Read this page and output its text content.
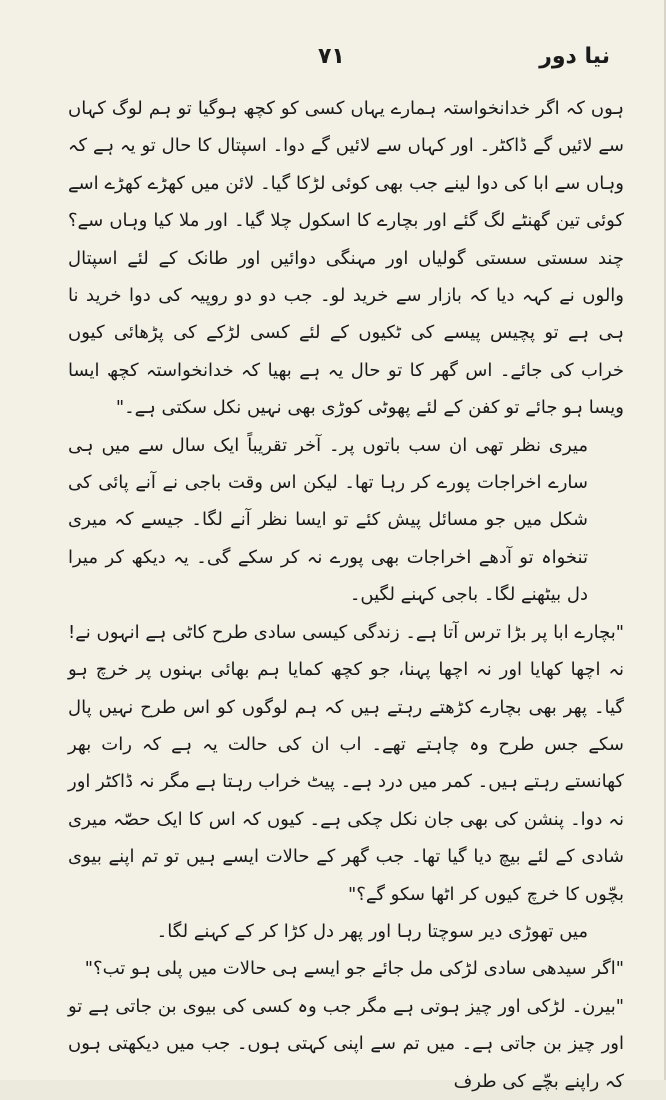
نیا دور
۷۱

ہوں کہ اگر خدانخواستہ ہمارے یہاں کسی کو کچھ ہوگیا تو ہم لوگ کہاں سے لائیں گے ڈاکٹر۔ اور کہاں سے لائیں گے دوا۔ اسپتال کا حال تو یہ ہے کہ وہاں سے ابا کی دوا لینے جب بھی کوئی لڑکا گیا۔ لائن میں کھڑے کھڑے اسے کوئی تین گھنٹے لگ گئے اور بچارے کا اسکول چلا گیا۔ اور ملا کیا وہاں سے؟ چند سستی سستی گولیاں اور مہنگی دوائیں اور طانک کے لئے اسپتال والوں نے کہہ دیا کہ بازار سے خرید لو۔ جب دو دو روپیہ کی دوا خرید نا ہی ہے تو پچیس پیسے کی ٹکیوں کے لئے کسی لڑکے کی پڑھائی کیوں خراب کی جائے۔ اس گھر کا تو حال یہ ہے بھیا کہ خدانخواستہ کچھ ایسا ویسا ہو جائے تو کفن کے لئے پھوٹی کوڑی بھی نہیں نکل سکتی ہے۔"

میری نظر تھی ان سب باتوں پر۔ آخر تقریباً ایک سال سے میں ہی سارے اخراجات پورے کر رہا تھا۔ لیکن اس وقت باجی نے آنے پائی کی شکل میں جو مسائل پیش کئے تو ایسا نظر آنے لگا۔ جیسے کہ میری تنخواہ تو آدھے اخراجات بھی پورے نہ کر سکے گی۔ یہ دیکھ کر میرا دل بیٹھنے لگا۔ باجی کہنے لگیں۔

"بچارے ابا پر بڑا ترس آتا ہے۔ زندگی کیسی سادی طرح کاٹی ہے انہوں نے! نہ اچھا کھایا اور نہ اچھا پہنا، جو کچھ کمایا ہم بھائی بہنوں پر خرچ ہو گیا۔ پھر بھی بچارے کڑھتے رہتے ہیں کہ ہم لوگوں کو اس طرح نہیں پال سکے جس طرح وہ چاہتے تھے۔ اب ان کی حالت یہ ہے کہ رات بھر کھانستے رہتے ہیں۔ کمر میں درد ہے۔ پیٹ خراب رہتا ہے مگر نہ ڈاکٹر اور نہ دوا۔ پنشن کی بھی جان نکل چکی ہے۔ کیوں کہ اس کا ایک حصّہ میری شادی کے لئے بیچ دیا گیا تھا۔ جب گھر کے حالات ایسے ہیں تو تم اپنے بیوی بچّوں کا خرچ کیوں کر اٹھا سکو گے؟"

میں تھوڑی دیر سوچتا رہا اور پھر دل کڑا کر کے کہنے لگا۔

"اگر سیدھی سادی لڑکی مل جائے جو ایسے ہی حالات میں پلی ہو تب؟"

"بیرن۔ لڑکی اور چیز ہوتی ہے مگر جب وہ کسی کی بیوی بن جاتی ہے تو اور چیز بن جاتی ہے۔ میں تم سے اپنی کہتی ہوں۔ جب میں دیکھتی ہوں کہ راپنے بچّے کی طرف
